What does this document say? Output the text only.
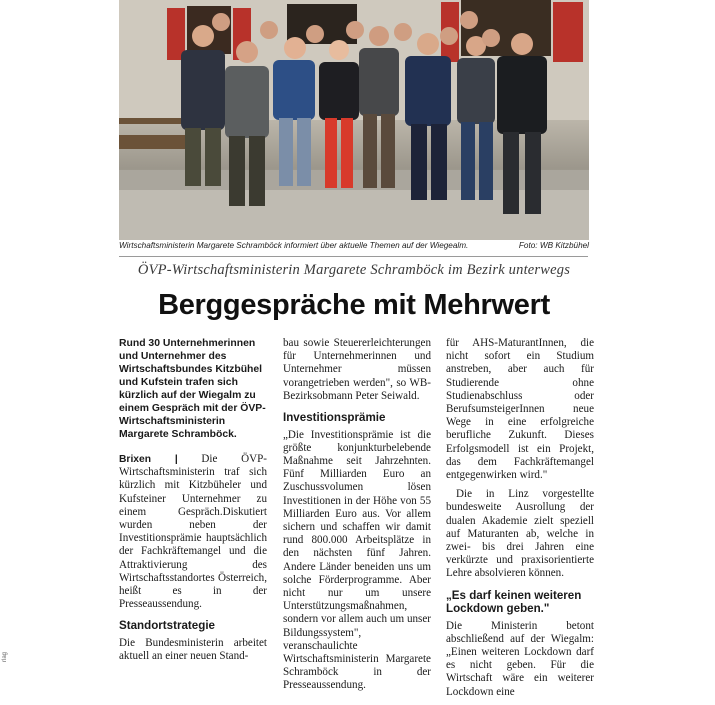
Wirtschaftsministerin Margarete Schramböck informiert über aktuelle Themen auf der Wiegealm.	Foto: WB Kitzbühel
ÖVP-Wirtschaftsministerin Margarete Schramböck im Bezirk unterwegs
Berggespräche mit Mehrwert

Rund 30 Unternehmerinnen und Unternehmer des Wirtschaftsbundes Kitzbühel und Kufstein trafen sich kürzlich auf der Wiegalm zu einem Gespräch mit der ÖVP-Wirtschaftsministerin Margarete Schramböck.

Brixen | Die ÖVP-Wirtschaftsministerin traf sich kürzlich mit Kitzbüheler und Kufsteiner Unternehmer zu einem Gespräch.Diskutiert wurden neben der Investitionsprämie hauptsächlich der Fachkräftemangel und die Attraktivierung des Wirtschaftsstandortes Österreich, heißt es in der Presseaussendung.

Standortstrategie

Die Bundesministerin arbeitet aktuell an einer neuen Stand-

bau sowie Steuererleichterungen für Unternehmerinnen und Unternehmer müssen vorangetrieben werden", so WB-Bezirksobmann Peter Seiwald.

Investitionsprämie

„Die Investitionsprämie ist die größte konjunkturbelebende Maßnahme seit Jahrzehnten. Fünf Milliarden Euro an Zuschussvolumen lösen Investitionen in der Höhe von 55 Milliarden Euro aus. Vor allem sichern und schaffen wir damit rund 800.000 Arbeitsplätze in den nächsten fünf Jahren. Andere Länder beneiden uns um solche Förderprogramme. Aber nicht nur um unsere Unterstützungsmaßnahmen, sondern vor allem auch um unser Bildungssystem", veranschaulichte Wirtschaftsministerin Margarete Schramböck in der Presseaussendung.

für AHS-MaturantInnen, die nicht sofort ein Studium anstreben, aber auch für Studierende ohne Studienabschluss oder BerufsumsteigerInnen neue Wege in eine erfolgreiche berufliche Zukunft. Dieses Erfolgsmodell ist ein Projekt, das dem Fachkräftemangel entgegenwirken wird."

Die in Linz vorgestellte bundesweite Ausrollung der dualen Akademie zielt speziell auf Maturanten ab, welche in zwei- bis drei Jahren eine verkürzte und praxisorientierte Lehre absolvieren können.

„Es darf keinen weiteren Lockdown geben."

Die Ministerin betont abschließend auf der Wiegalm: „Einen weiteren Lockdown darf es nicht geben. Für die Wirtschaft wäre ein weiterer Lockdown eine

rlag
